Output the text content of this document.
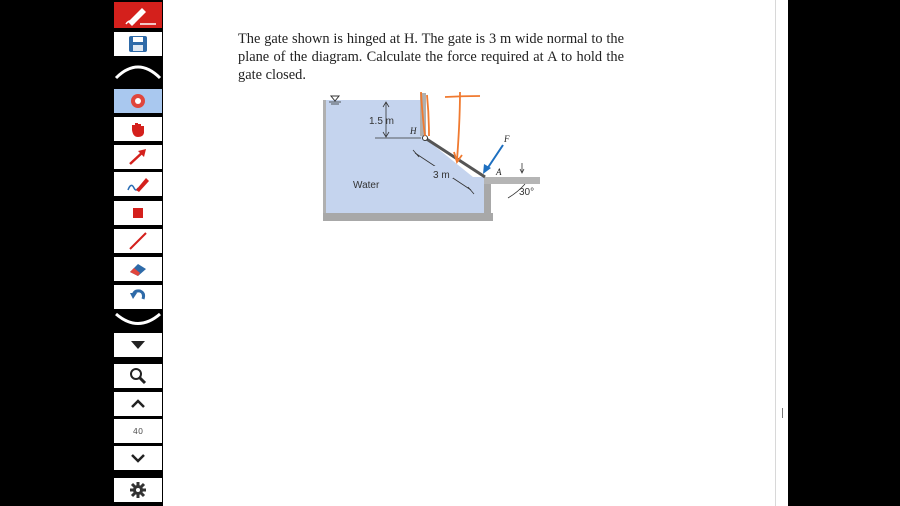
40
The gate shown is hinged at H. The gate is 3 m wide normal to the plane of the diagram. Calculate the force required at A to hold the gate closed.
1.5 m
H
3 m
F
A
30°
Water
